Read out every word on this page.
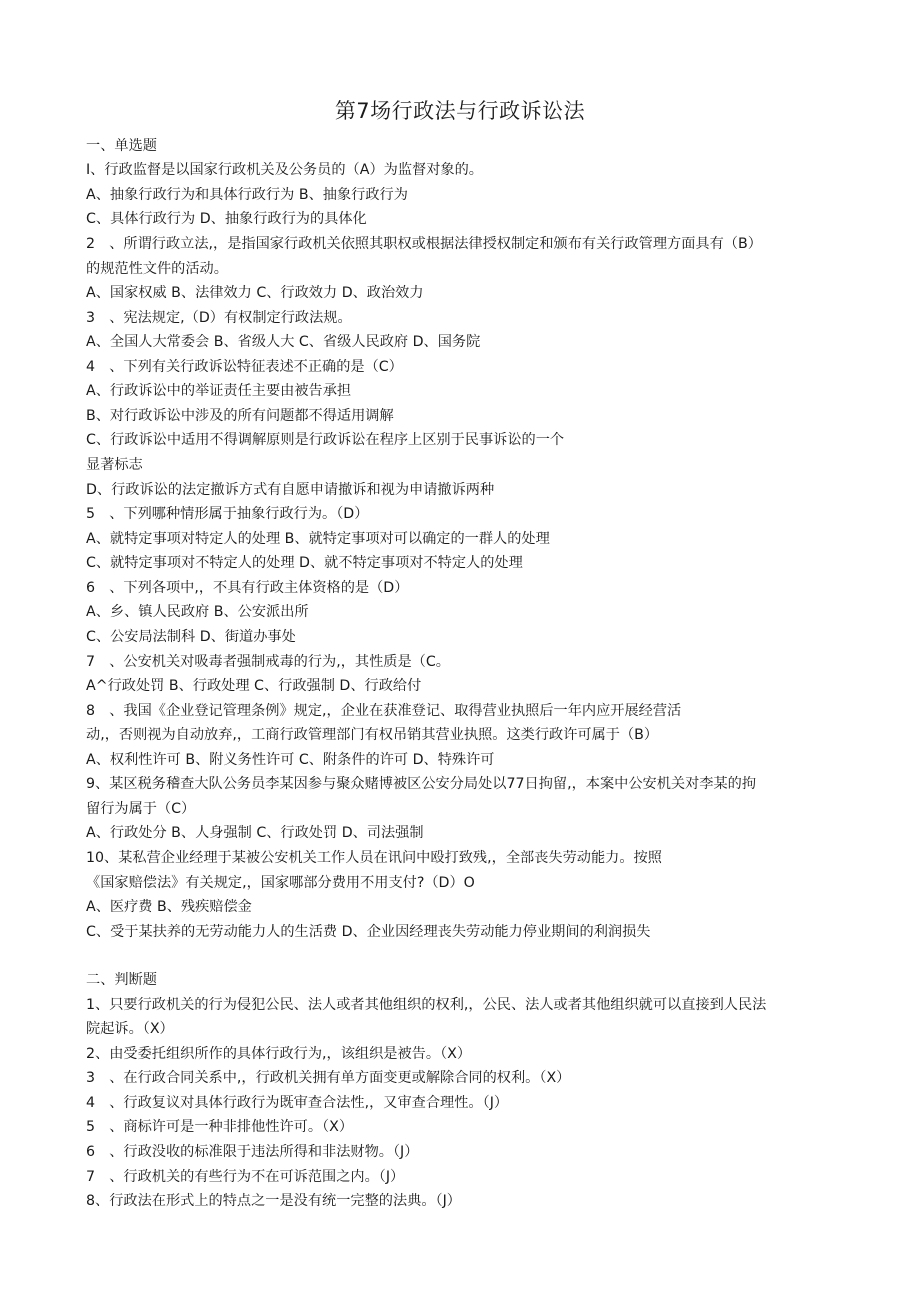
第7场行政法与行政诉讼法
一、单选题
I、行政监督是以国家行政机关及公务员的（A）为监督对象的。
A、抽象行政行为和具体行政行为 B、抽象行政行为
C、具体行政行为 D、抽象行政行为的具体化
2　、所谓行政立法,，是指国家行政机关依照其职权或根据法律授权制定和颁布有关行政管理方面具有（B）
的规范性文件的活动。
A、国家权威 B、法律效力 C、行政效力 D、政治效力
3　、宪法规定,（D）有权制定行政法规。
A、全国人大常委会 B、省级人大 C、省级人民政府 D、国务院
4　、下列有关行政诉讼特征表述不正确的是（C）
A、行政诉讼中的举证责任主要由被告承担
B、对行政诉讼中涉及的所有问题都不得适用调解
C、行政诉讼中适用不得调解原则是行政诉讼在程序上区别于民事诉讼的一个
显著标志
D、行政诉讼的法定撤诉方式有自愿申请撤诉和视为申请撤诉两种
5　、下列哪种情形属于抽象行政行为。（D）
A、就特定事项对特定人的处理 B、就特定事项对可以确定的一群人的处理
C、就特定事项对不特定人的处理 D、就不特定事项对不特定人的处理
6　、下列各项中,，不具有行政主体资格的是（D）
A、乡、镇人民政府 B、公安派出所
C、公安局法制科 D、街道办事处
7　、公安机关对吸毒者强制戒毒的行为,，其性质是（C。
A^行政处罚 B、行政处理 C、行政强制 D、行政给付
8　、我国《企业登记管理条例》规定,，企业在获准登记、取得营业执照后一年内应开展经营活
动,，否则视为自动放弃,，工商行政管理部门有权吊销其营业执照。这类行政许可属于（B）
A、权利性许可 B、附义务性许可 C、附条件的许可 D、特殊许可
9、某区税务稽查大队公务员李某因参与聚众赌博被区公安分局处以77日拘留,，本案中公安机关对李某的拘
留行为属于（C）
A、行政处分 B、人身强制 C、行政处罚 D、司法强制
10、某私营企业经理于某被公安机关工作人员在讯问中殴打致残,，全部丧失劳动能力。按照
《国家赔偿法》有关规定,，国家哪部分费用不用支付?（D）O
A、医疗费 B、残疾赔偿金
C、受于某扶养的无劳动能力人的生活费 D、企业因经理丧失劳动能力停业期间的利润损失
二、判断题
1、只要行政机关的行为侵犯公民、法人或者其他组织的权利,，公民、法人或者其他组织就可以直接到人民法
院起诉。（X）
2、由受委托组织所作的具体行政行为,，该组织是被告。（X）
3　、在行政合同关系中,，行政机关拥有单方面变更或解除合同的权利。（X）
4　、行政复议对具体行政行为既审查合法性,，又审查合理性。（J）
5　、商标许可是一种非排他性许可。（X）
6　、行政没收的标准限于违法所得和非法财物。（J）
7　、行政机关的有些行为不在可诉范围之内。（J）
8、行政法在形式上的特点之一是没有统一完整的法典。（J）
